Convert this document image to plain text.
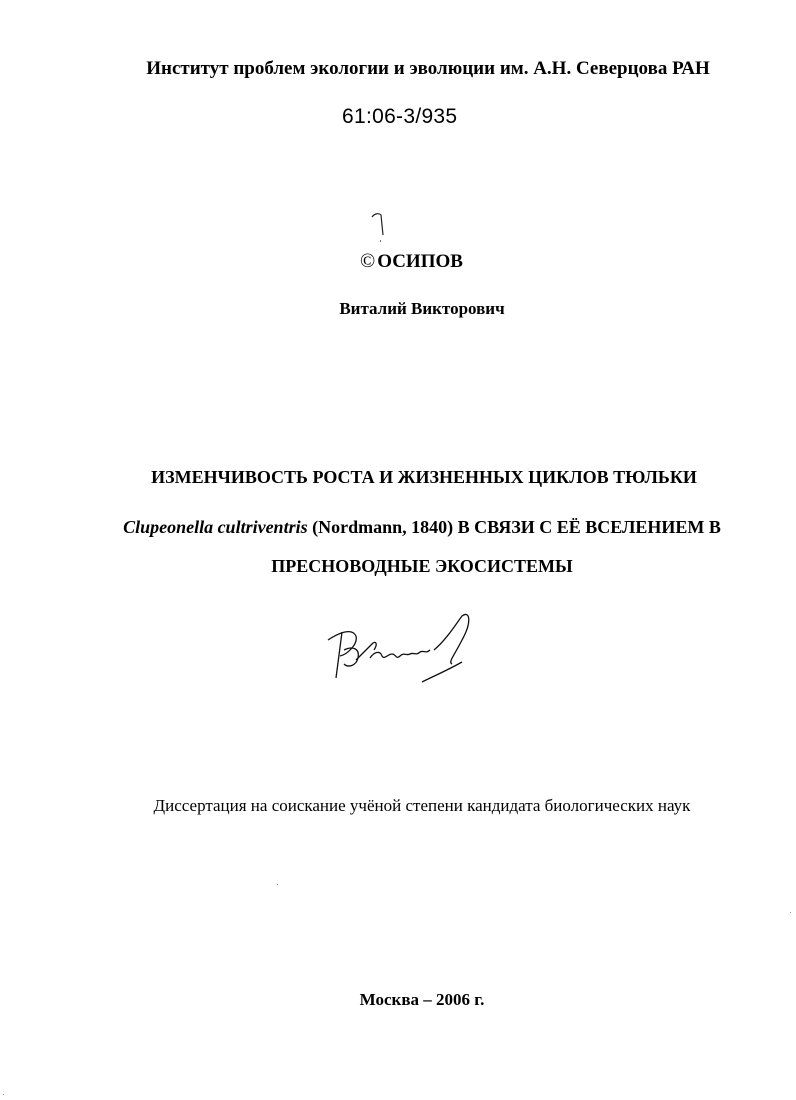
Институт проблем экологии и эволюции им. А.Н. Северцова РАН
61:06-3/935
© ОСИПОВ
Виталий Викторович
ИЗМЕНЧИВОСТЬ РОСТА И ЖИЗНЕННЫХ ЦИКЛОВ ТЮЛЬКИ
Clupeonella cultriventris (Nordmann, 1840) В СВЯЗИ С ЕЁ ВСЕЛЕНИЕМ В
ПРЕСНОВОДНЫЕ ЭКОСИСТЕМЫ
Диссертация на соискание учёной степени кандидата биологических наук
Москва – 2006 г.
